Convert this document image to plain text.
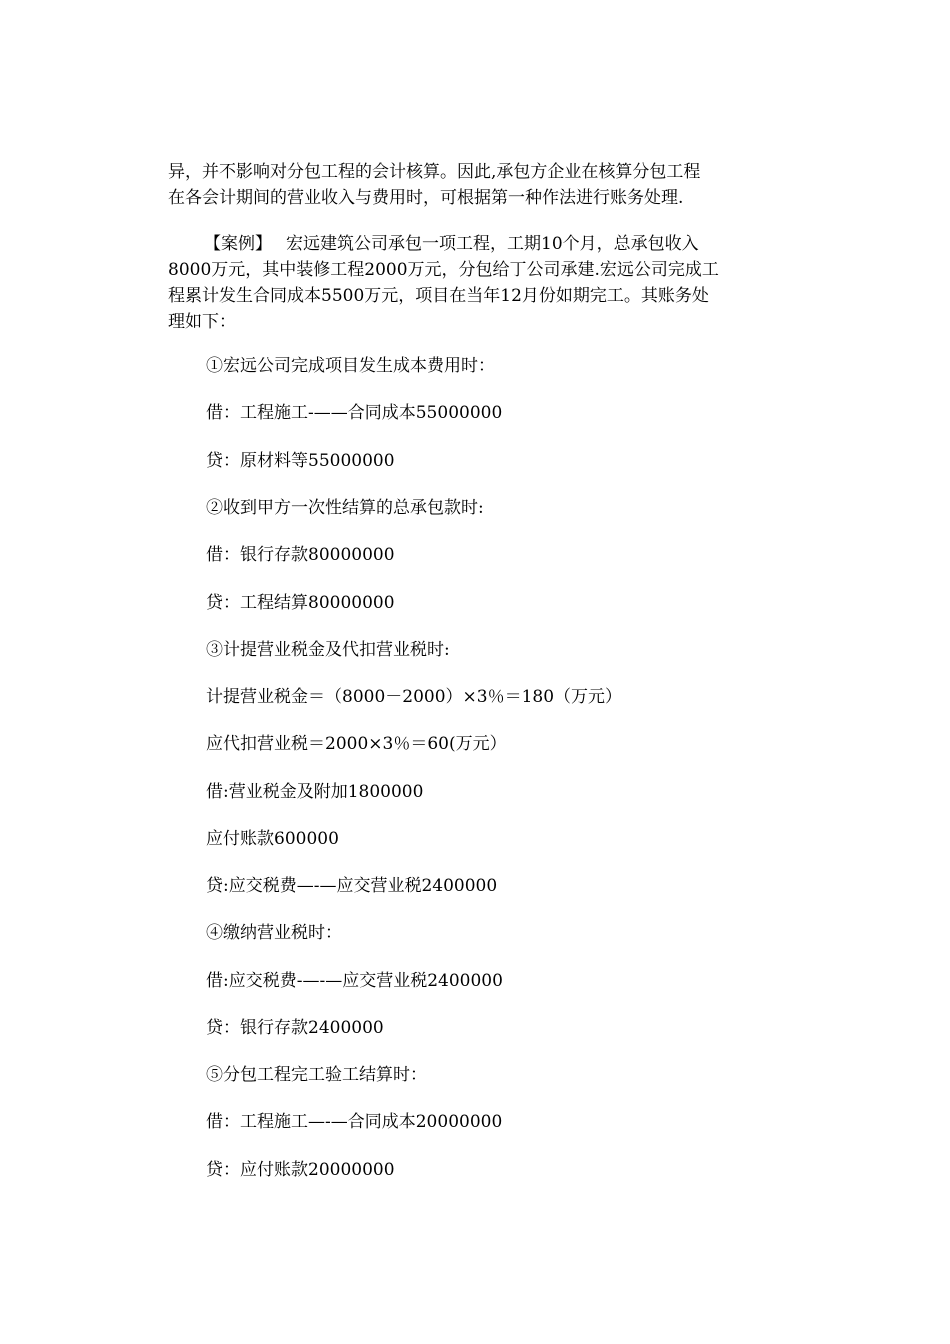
异，并不影响对分包工程的会计核算。因此,承包方企业在核算分包工程
在各会计期间的营业收入与费用时，可根据第一种作法进行账务处理.

【案例】 宏远建筑公司承包一项工程，工期10个月，总承包收入
8000万元，其中装修工程2000万元，分包给丁公司承建.宏远公司完成工
程累计发生合同成本5500万元，项目在当年12月份如期完工。其账务处
理如下：

①宏远公司完成项目发生成本费用时：

借：工程施工-——合同成本55000000

贷：原材料等55000000

②收到甲方一次性结算的总承包款时:

借：银行存款80000000

贷：工程结算80000000

③计提营业税金及代扣营业税时:

计提营业税金＝（8000－2000）×3％＝180（万元）

应代扣营业税＝2000×3％＝60(万元）

借:营业税金及附加1800000

应付账款600000

贷:应交税费—-—应交营业税2400000

④缴纳营业税时：

借:应交税费-—-—应交营业税2400000

贷：银行存款2400000

⑤分包工程完工验工结算时：

借：工程施工—-—合同成本20000000

贷：应付账款20000000
